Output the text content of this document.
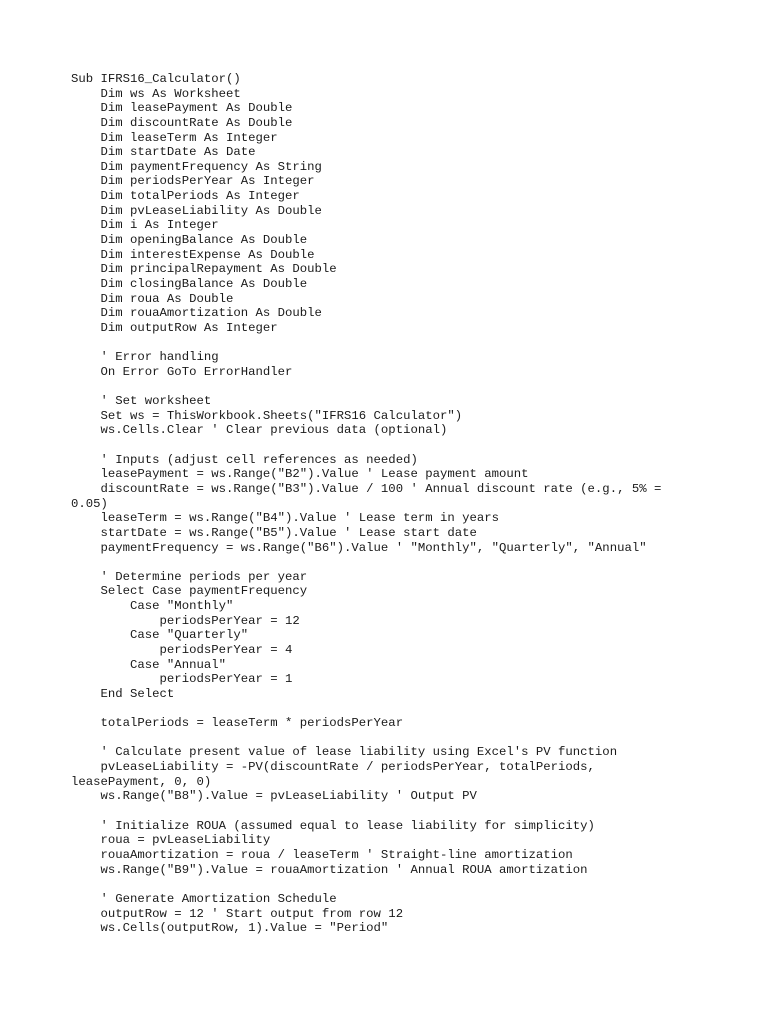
Sub IFRS16_Calculator()
Dim ws As Worksheet
Dim leasePayment As Double
Dim discountRate As Double
Dim leaseTerm As Integer
Dim startDate As Date
Dim paymentFrequency As String
Dim periodsPerYear As Integer
Dim totalPeriods As Integer
Dim pvLeaseLiability As Double
Dim i As Integer
Dim openingBalance As Double
Dim interestExpense As Double
Dim principalRepayment As Double
Dim closingBalance As Double
Dim roua As Double
Dim rouaAmortization As Double
Dim outputRow As Integer
' Error handling
On Error GoTo ErrorHandler
' Set worksheet
Set ws = ThisWorkbook.Sheets("IFRS16 Calculator")
ws.Cells.Clear ' Clear previous data (optional)
' Inputs (adjust cell references as needed)
leasePayment = ws.Range("B2").Value ' Lease payment amount
discountRate = ws.Range("B3").Value / 100 ' Annual discount rate (e.g., 5% =
0.05)
leaseTerm = ws.Range("B4").Value ' Lease term in years
startDate = ws.Range("B5").Value ' Lease start date
paymentFrequency = ws.Range("B6").Value ' "Monthly", "Quarterly", "Annual"
' Determine periods per year
Select Case paymentFrequency
Case "Monthly"
periodsPerYear = 12
Case "Quarterly"
periodsPerYear = 4
Case "Annual"
periodsPerYear = 1
End Select
totalPeriods = leaseTerm * periodsPerYear
' Calculate present value of lease liability using Excel's PV function
pvLeaseLiability = -PV(discountRate / periodsPerYear, totalPeriods,
leasePayment, 0, 0)
ws.Range("B8").Value = pvLeaseLiability ' Output PV
' Initialize ROUA (assumed equal to lease liability for simplicity)
roua = pvLeaseLiability
rouaAmortization = roua / leaseTerm ' Straight-line amortization
ws.Range("B9").Value = rouaAmortization ' Annual ROUA amortization
' Generate Amortization Schedule
outputRow = 12 ' Start output from row 12
ws.Cells(outputRow, 1).Value = "Period"
